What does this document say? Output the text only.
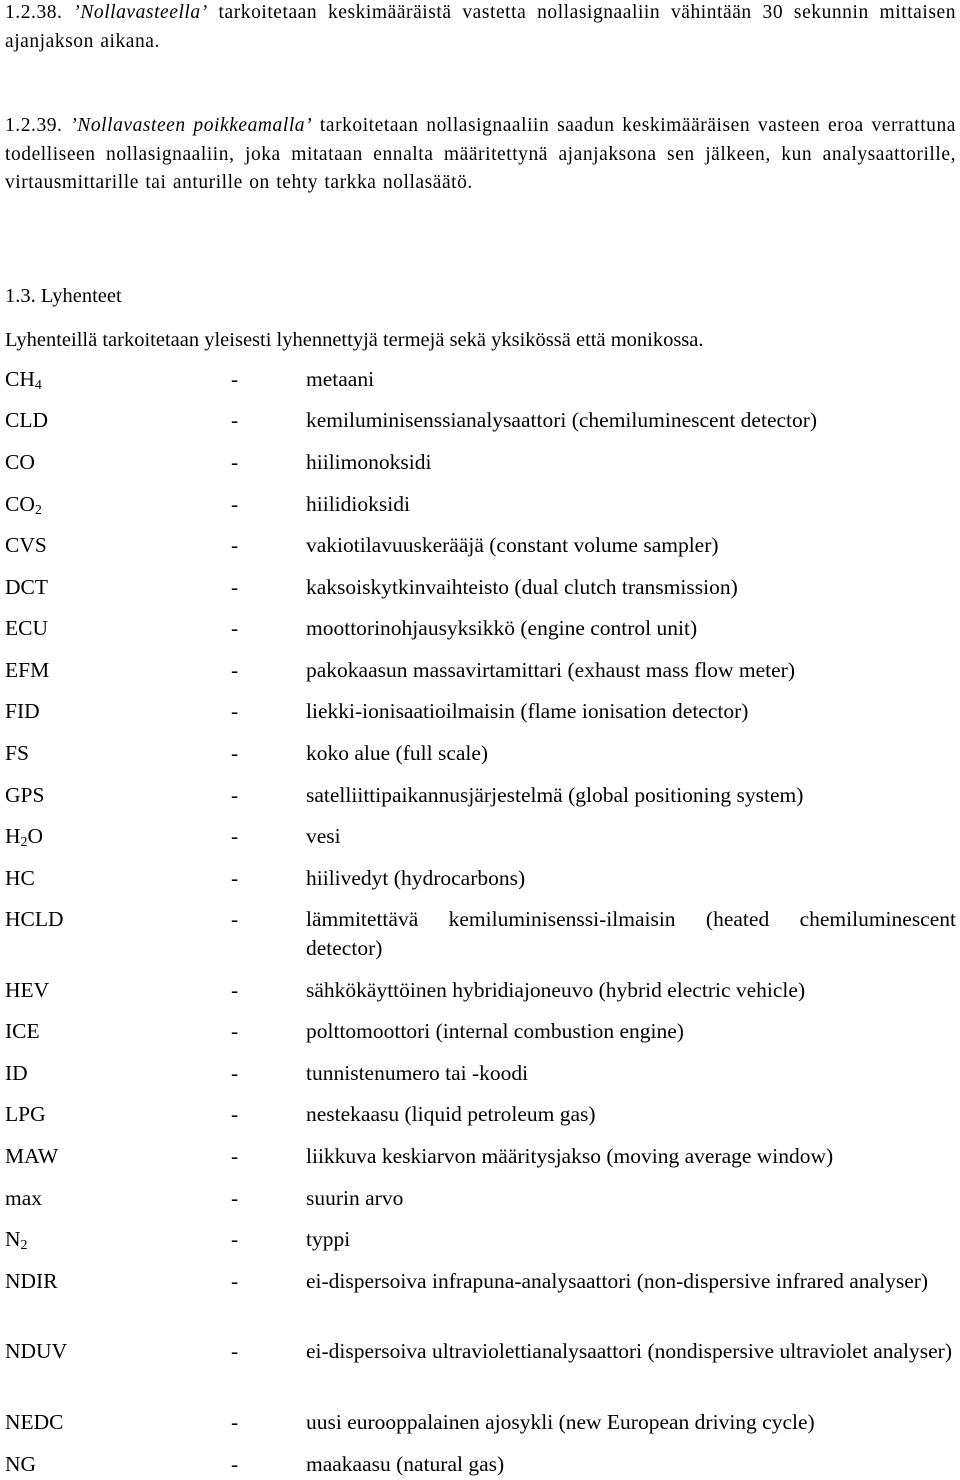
1.2.38. ’Nollavasteella’ tarkoitetaan keskimääräistä vastetta nollasignaaliin vähintään 30 sekunnin mittaisen ajanjakson aikana.
1.2.39. ’Nollavasteen poikkeamalla’ tarkoitetaan nollasignaaliin saadun keskimääräisen vasteen eroa verrattuna todelliseen nollasignaaliin, joka mitataan ennalta määritettynä ajanjaksona sen jälkeen, kun analysaattorille, virtausmittarille tai anturille on tehty tarkka nollasäätö.
1.3. Lyhenteet
Lyhenteillä tarkoitetaan yleisesti lyhennettyjä termejä sekä yksikössä että monikossa.
$CH_4$	-	metaani
CLD	-	kemiluminisenssianalysaattori (chemiluminescent detector)
CO	-	hiilimonoksidi
$CO_2$	-	hiilidioksidi
CVS	-	vakiotilavuuskerääjä (constant volume sampler)
DCT	-	kaksoiskytkinvaihteisto (dual clutch transmission)
ECU	-	moottorinohjausyksikkö (engine control unit)
EFM	-	pakokaasun massavirtamittari (exhaust mass flow meter)
FID	-	liekki-ionisaatioilmaisin (flame ionisation detector)
FS	-	koko alue (full scale)
GPS	-	satelliittipaikannusjärjestelmä (global positioning system)
$H_2O$	-	vesi
HC	-	hiilivedyt (hydrocarbons)
HCLD	-	lämmitettävä kemiluminisenssi-ilmaisin (heated chemiluminescent detector)
HEV	-	sähkökäyttöinen hybridiajoneuvo (hybrid electric vehicle)
ICE	-	polttomoottori (internal combustion engine)
ID	-	tunnistenumero tai -koodi
LPG	-	nestekaasu (liquid petroleum gas)
MAW	-	liikkuva keskiarvon määritysjakso (moving average window)
max	-	suurin arvo
$N_2$	-	typpi
NDIR	-	ei-dispersoiva infrapuna-analysaattori (non-dispersive infrared analyser)
NDUV	-	ei-dispersoiva ultraviolettianalysaattori (nondispersive ultraviolet analyser)
NEDC	-	uusi eurooppalainen ajosykli (new European driving cycle)
NG	-	maakaasu (natural gas)
